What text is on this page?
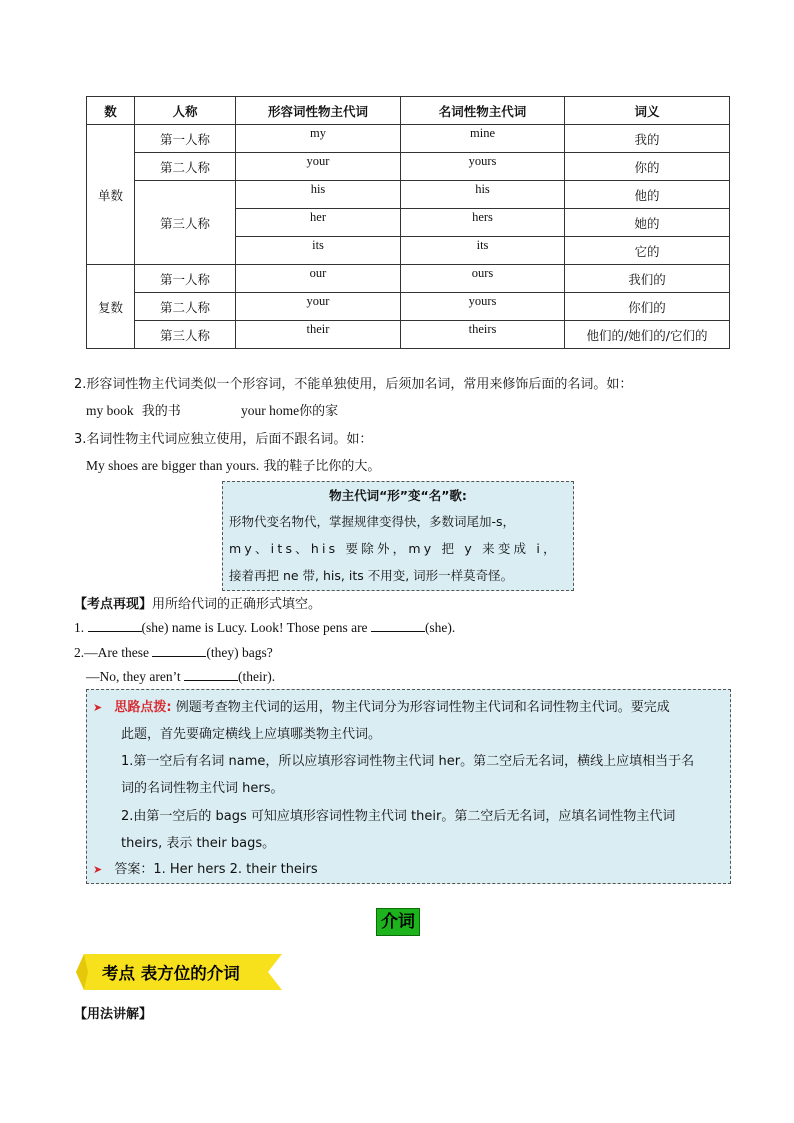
数	人称	形容词性物主代词	名词性物主代词	词义
单数	第一人称	my	mine	我的
	第二人称	your	yours	你的
	第三人称	his	his	他的
		her	hers	她的
		its	its	它的
复数	第一人称	our	ours	我们的
	第二人称	your	yours	你们的
	第三人称	their	theirs	他们的/她们的/它们的
2.形容词性物主代词类似一个形容词，不能单独使用，后须加名词，常用来修饰后面的名词。如：
my book 我的书	your home你的家
3.名词性物主代词应独立使用，后面不跟名词。如：
My shoes are bigger than yours. 我的鞋子比你的大。
物主代词“形”变“名”歌:
形物代变名物代，掌握规律变得快，多数词尾加-s，
my、its、his 要除外，my 把 y 来变成 i，
接着再把 ne 带, his, its 不用变, 词形一样莫奇怪。
【考点再现】用所给代词的正确形式填空。
1.	(she) name is Lucy. Look! Those pens are	(she).
2.—Are these	(they) bags?
—No, they aren’t	(their).
➤ 思路点拨: 例题考查物主代词的运用，物主代词分为形容词性物主代词和名词性物主代词。要完成
此题，首先要确定横线上应填哪类物主代词。
1.第一空后有名词 name，所以应填形容词性物主代词 her。第二空后无名词，横线上应填相当于名
词的名词性物主代词 hers。
2.由第一空后的 bags 可知应填形容词性物主代词 their。第二空后无名词，应填名词性物主代词
theirs, 表示 their bags。
➤ 答案：1. Her hers 2. their theirs
介词
考点 表方位的介词
【用法讲解】
